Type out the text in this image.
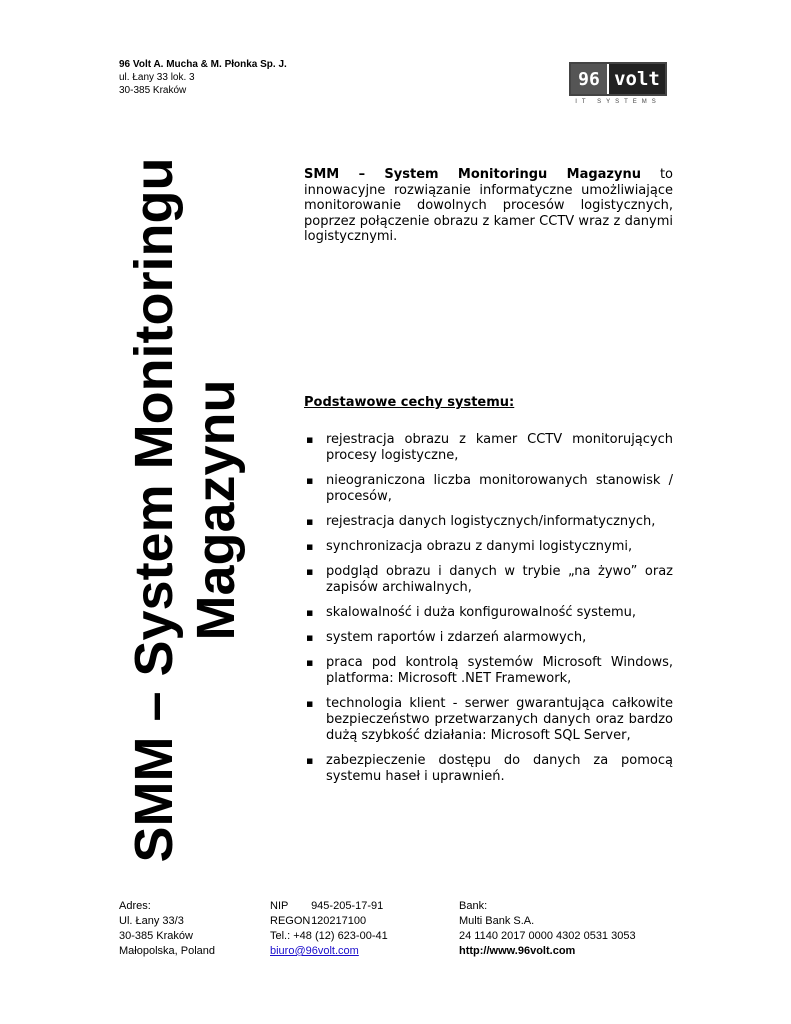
96 Volt A. Mucha & M. Płonka Sp. J.
ul. Łany 33 lok. 3
30-385 Kraków
96 volt
IT SYSTEMS
SMM – System Monitoringu Magazynu
SMM – System Monitoringu Magazynu to innowacyjne rozwiązanie informatyczne umożliwiające monitorowanie dowolnych procesów logistycznych, poprzez połączenie obrazu z kamer CCTV wraz z danymi logistycznymi.
Podstawowe cechy systemu:
▪ rejestracja obrazu z kamer CCTV monitorujących procesy logistyczne,
▪ nieograniczona liczba monitorowanych stanowisk / procesów,
▪ rejestracja danych logistycznych/informatycznych,
▪ synchronizacja obrazu z danymi logistycznymi,
▪ podgląd obrazu i danych w trybie „na żywo” oraz zapisów archiwalnych,
▪ skalowalność i duża konfigurowalność systemu,
▪ system raportów i zdarzeń alarmowych,
▪ praca pod kontrolą systemów Microsoft Windows, platforma: Microsoft .NET Framework,
▪ technologia klient - serwer gwarantująca całkowite bezpieczeństwo przetwarzanych danych oraz bardzo dużą szybkość działania: Microsoft SQL Server,
▪ zabezpieczenie dostępu do danych za pomocą systemu haseł i uprawnień.
Adres:
Ul. Łany 33/3
30-385 Kraków
Małopolska, Poland
NIP 945-205-17-91
REGON 120217100
Tel.: +48 (12) 623-00-41
biuro@96volt.com
Bank:
Multi Bank S.A.
24 1140 2017 0000 4302 0531 3053
http://www.96volt.com
